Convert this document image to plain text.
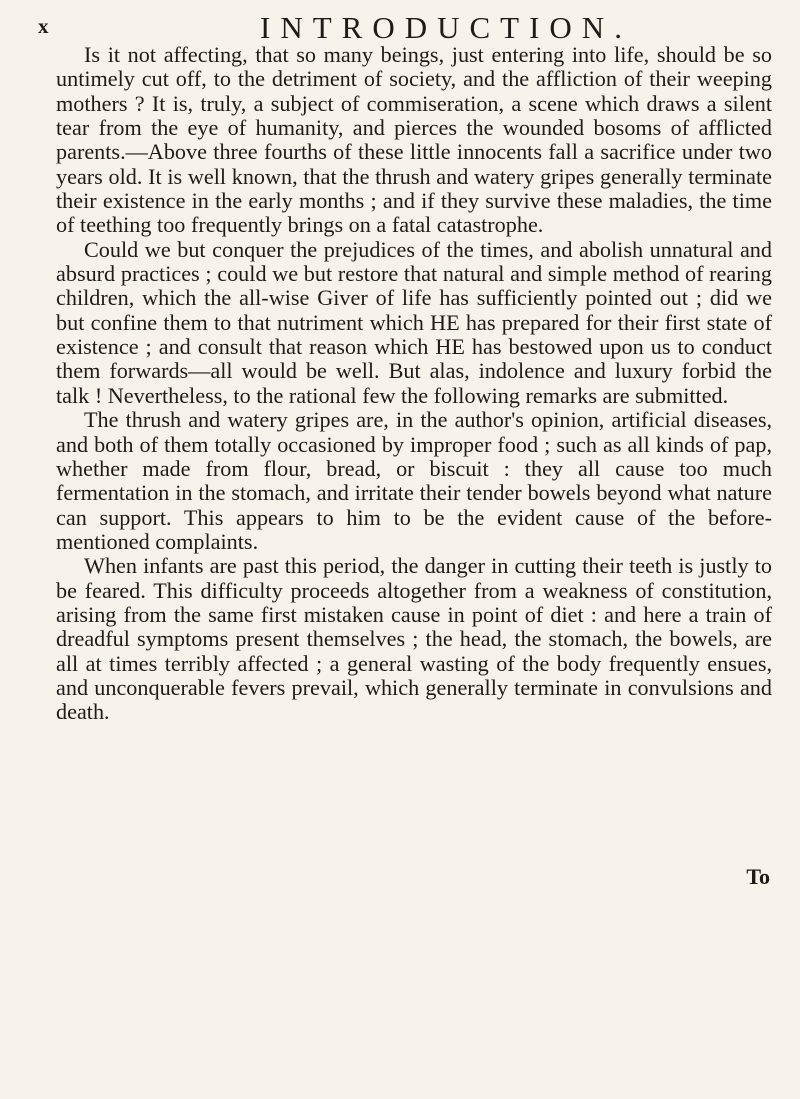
x	INTRODUCTION.

Is it not affecting, that so many beings, just entering into life, should be so untimely cut off, to the detriment of society, and the affliction of their weeping mothers ? It is, truly, a subject of commiseration, a scene which draws a silent tear from the eye of humanity, and pierces the wounded bosoms of afflicted parents.—Above three fourths of these little innocents fall a sacrifice under two years old. It is well known, that the thrush and watery gripes generally terminate their existence in the early months ; and if they survive these maladies, the time of teething too frequently brings on a fatal catastrophe.

Could we but conquer the prejudices of the times, and abolish unnatural and absurd practices ; could we but restore that natural and simple method of rearing children, which the all-wise Giver of life has sufficiently pointed out ; did we but confine them to that nutriment which HE has prepared for their first state of existence ; and consult that reason which HE has bestowed upon us to conduct them forwards—all would be well. But alas, indolence and luxury forbid the talk ! Nevertheless, to the rational few the following remarks are submitted.

The thrush and watery gripes are, in the author's opinion, artificial diseases, and both of them totally occasioned by improper food ; such as all kinds of pap, whether made from flour, bread, or biscuit : they all cause too much fermentation in the stomach, and irritate their tender bowels beyond what nature can support. This appears to him to be the evident cause of the before-mentioned complaints.

When infants are past this period, the danger in cutting their teeth is justly to be feared. This difficulty proceeds altogether from a weakness of constitution, arising from the same first mistaken cause in point of diet : and here a train of dreadful symptoms present themselves ; the head, the stomach, the bowels, are all at times terribly affected ; a general wasting of the body frequently ensues, and unconquerable fevers prevail, which generally terminate in convulsions and death.

To
